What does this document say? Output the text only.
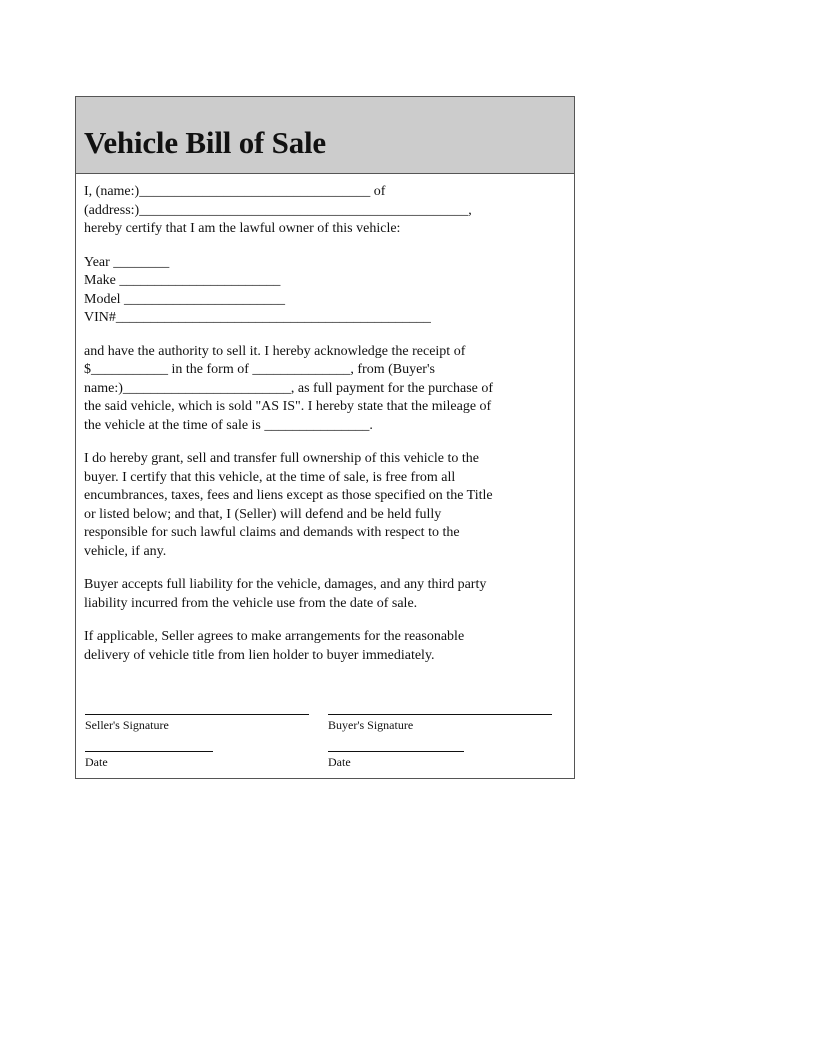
Vehicle Bill of Sale

I, (name:)_________________________________ of
(address:)_______________________________________________,
hereby certify that I am the lawful owner of this vehicle:

Year ________
Make _______________________
Model _______________________
VIN#_____________________________________________

and have the authority to sell it. I hereby acknowledge the receipt of
$___________ in the form of ______________, from (Buyer's
name:)________________________, as full payment for the purchase of
the said vehicle, which is sold "AS IS". I hereby state that the mileage of
the vehicle at the time of sale is _______________.

I do hereby grant, sell and transfer full ownership of this vehicle to the
buyer. I certify that this vehicle, at the time of sale, is free from all
encumbrances, taxes, fees and liens except as those specified on the Title
or listed below; and that, I (Seller) will defend and be held fully
responsible for such lawful claims and demands with respect to the
vehicle, if any.

Buyer accepts full liability for the vehicle, damages, and any third party
liability incurred from the vehicle use from the date of sale.

If applicable, Seller agrees to make arrangements for the reasonable
delivery of vehicle title from lien holder to buyer immediately.

Seller's Signature
Date
Buyer's Signature
Date
